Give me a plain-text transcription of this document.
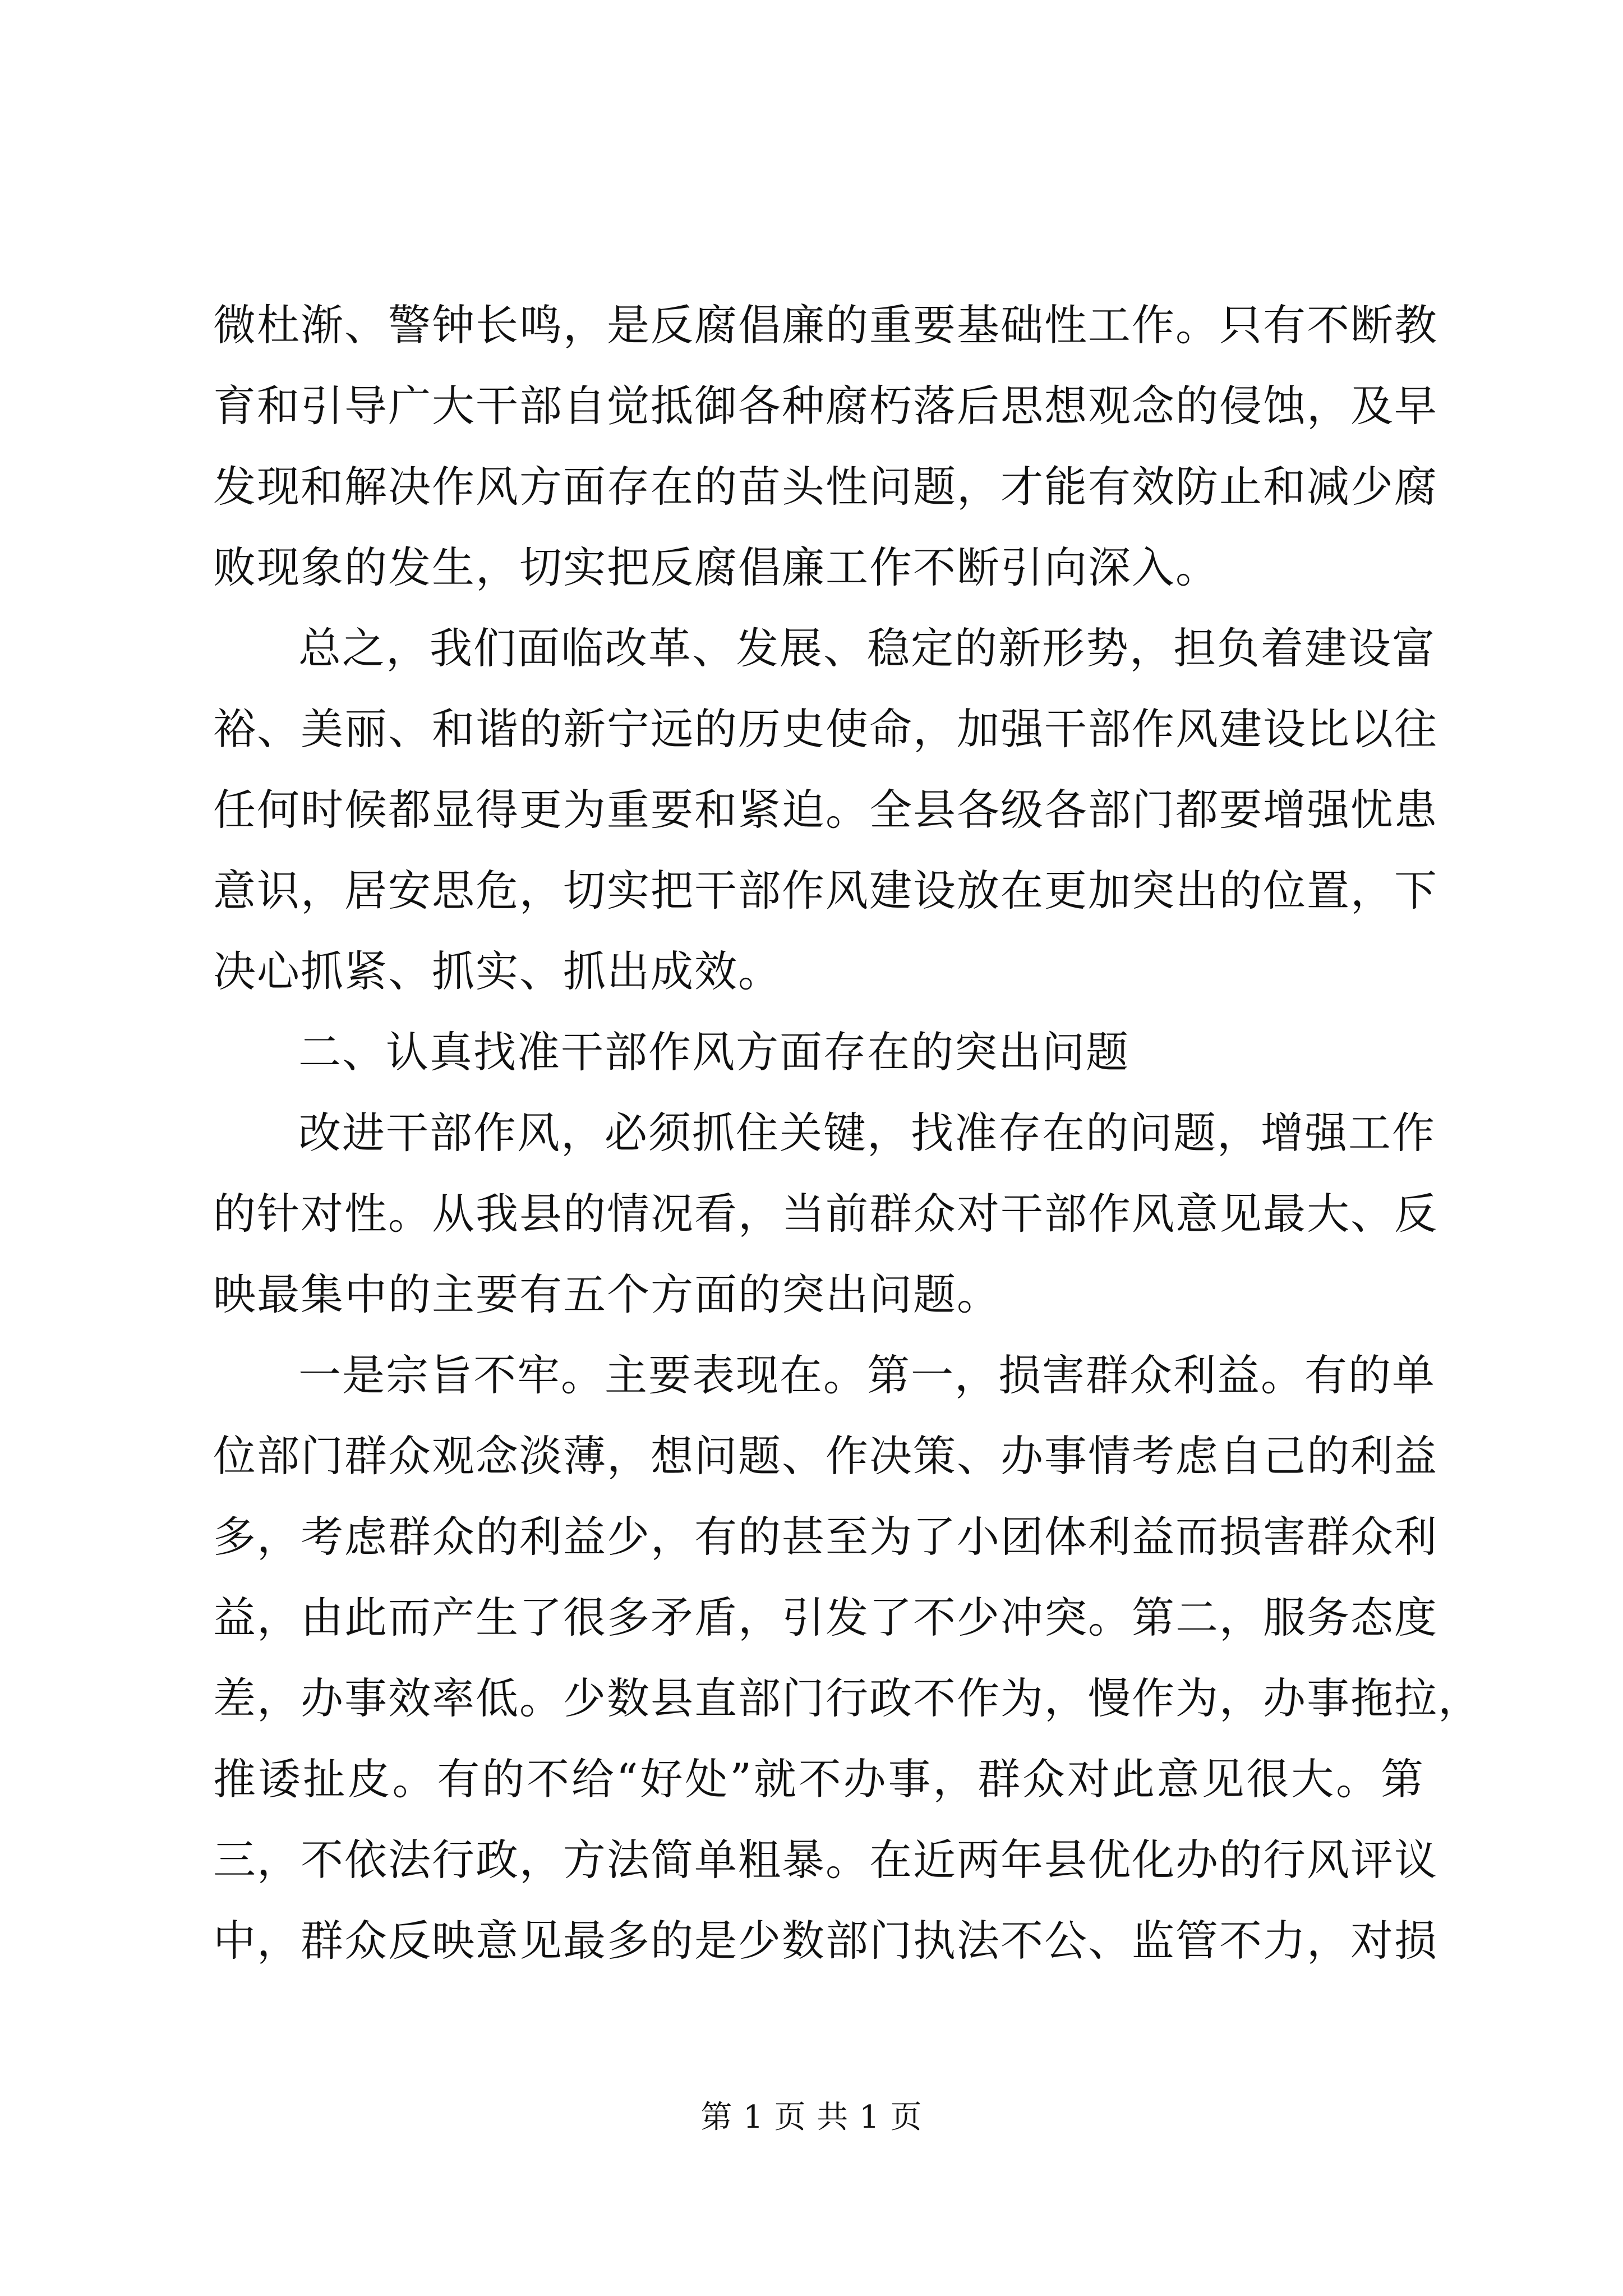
微杜渐、警钟长鸣，是反腐倡廉的重要基础性工作。只有不断教
育和引导广大干部自觉抵御各种腐朽落后思想观念的侵蚀，及早
发现和解决作风方面存在的苗头性问题，才能有效防止和减少腐
败现象的发生，切实把反腐倡廉工作不断引向深入。
总之，我们面临改革、发展、稳定的新形势，担负着建设富
裕、美丽、和谐的新宁远的历史使命，加强干部作风建设比以往
任何时候都显得更为重要和紧迫。全县各级各部门都要增强忧患
意识，居安思危，切实把干部作风建设放在更加突出的位置，下
决心抓紧、抓实、抓出成效。
二、认真找准干部作风方面存在的突出问题
改进干部作风，必须抓住关键，找准存在的问题，增强工作
的针对性。从我县的情况看，当前群众对干部作风意见最大、反
映最集中的主要有五个方面的突出问题。
一是宗旨不牢。主要表现在。第一，损害群众利益。有的单
位部门群众观念淡薄，想问题、作决策、办事情考虑自己的利益
多，考虑群众的利益少，有的甚至为了小团体利益而损害群众利
益，由此而产生了很多矛盾，引发了不少冲突。第二，服务态度
差，办事效率低。少数县直部门行政不作为，慢作为，办事拖拉，
推诿扯皮。有的不给“好处”就不办事，群众对此意见很大。第
三，不依法行政，方法简单粗暴。在近两年县优化办的行风评议
中，群众反映意见最多的是少数部门执法不公、监管不力，对损
第 1 页 共 1 页
